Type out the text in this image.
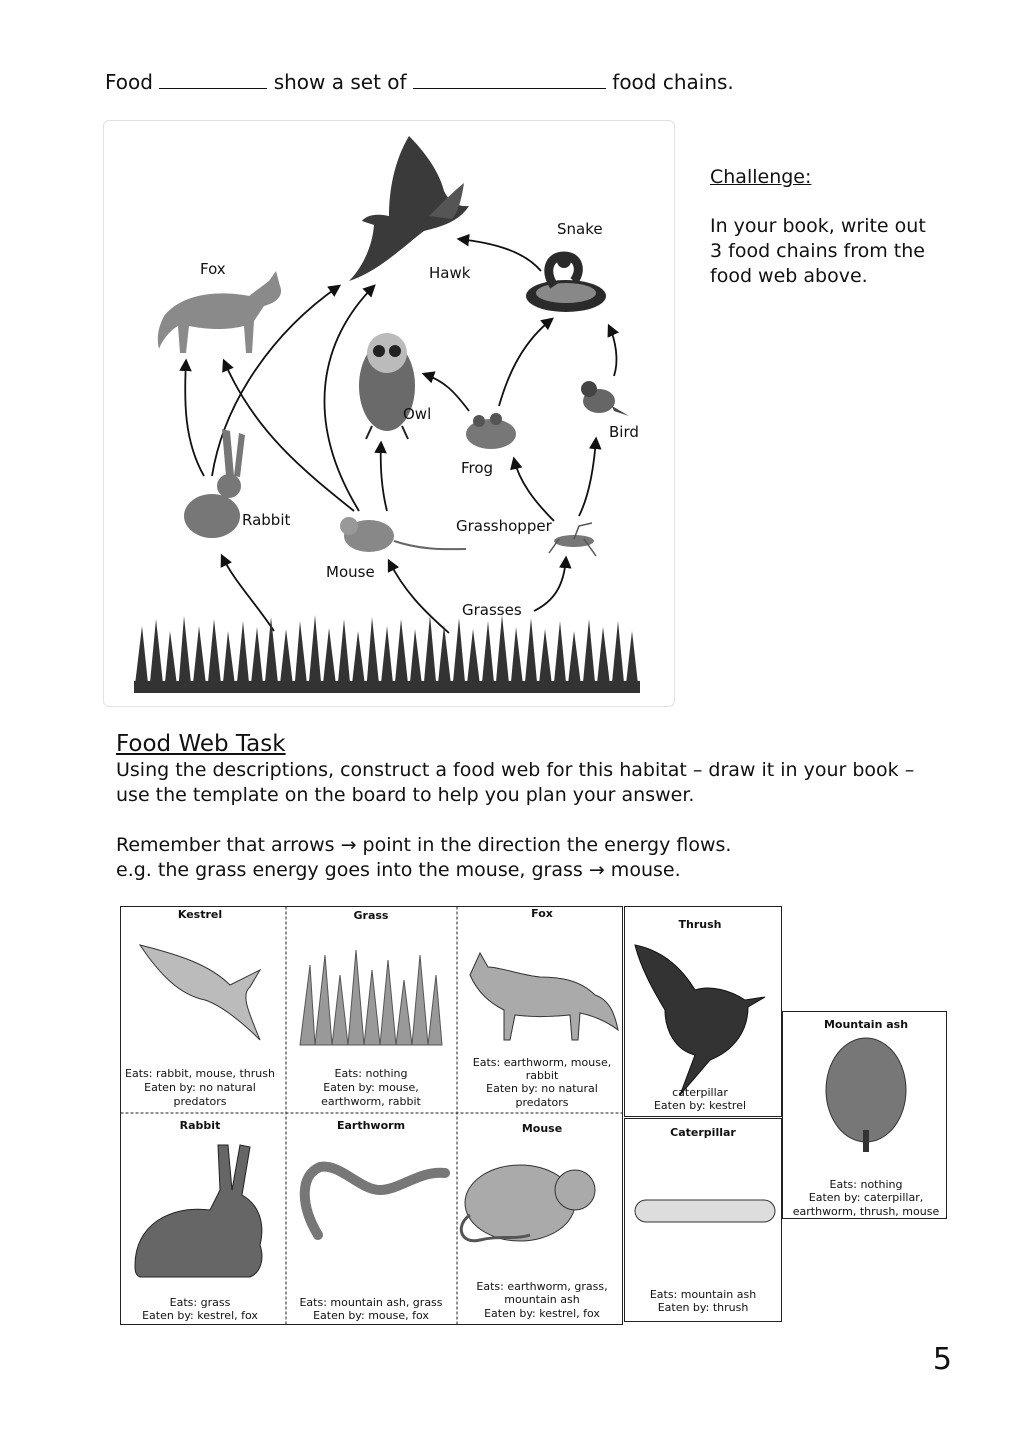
Food	show a set of	food chains.
Hawk
Snake
Fox
Owl
Bird
Frog
Rabbit	Grasshopper
Mouse
Grasses
Challenge:
In your book, write out
3 food chains from the
food web above.
Food Web Task
Using the descriptions, construct a food web for this habitat – draw it in your book –
use the template on the board to help you plan your answer.
Remember that arrows → point in the direction the energy flows.
e.g. the grass energy goes into the mouse, grass → mouse.
Kestrel
Eats: rabbit, mouse, thrush
Eaten by: no natural
predators
Grass
Eats: nothing
Eaten by: mouse,
earthworm, rabbit
Fox
Eats: earthworm, mouse,
rabbit
Eaten by: no natural
predators
Thrush
caterpillar
Eaten by: kestrel
Mountain ash
Eats: nothing
Eaten by: caterpillar,
earthworm, thrush, mouse
Rabbit
Eats: grass
Eaten by: kestrel, fox
Earthworm
Eats: mountain ash, grass
Eaten by: mouse, fox
Mouse
Eats: earthworm, grass,
mountain ash
Eaten by: kestrel, fox
Caterpillar
Eats: mountain ash
Eaten by: thrush
5
